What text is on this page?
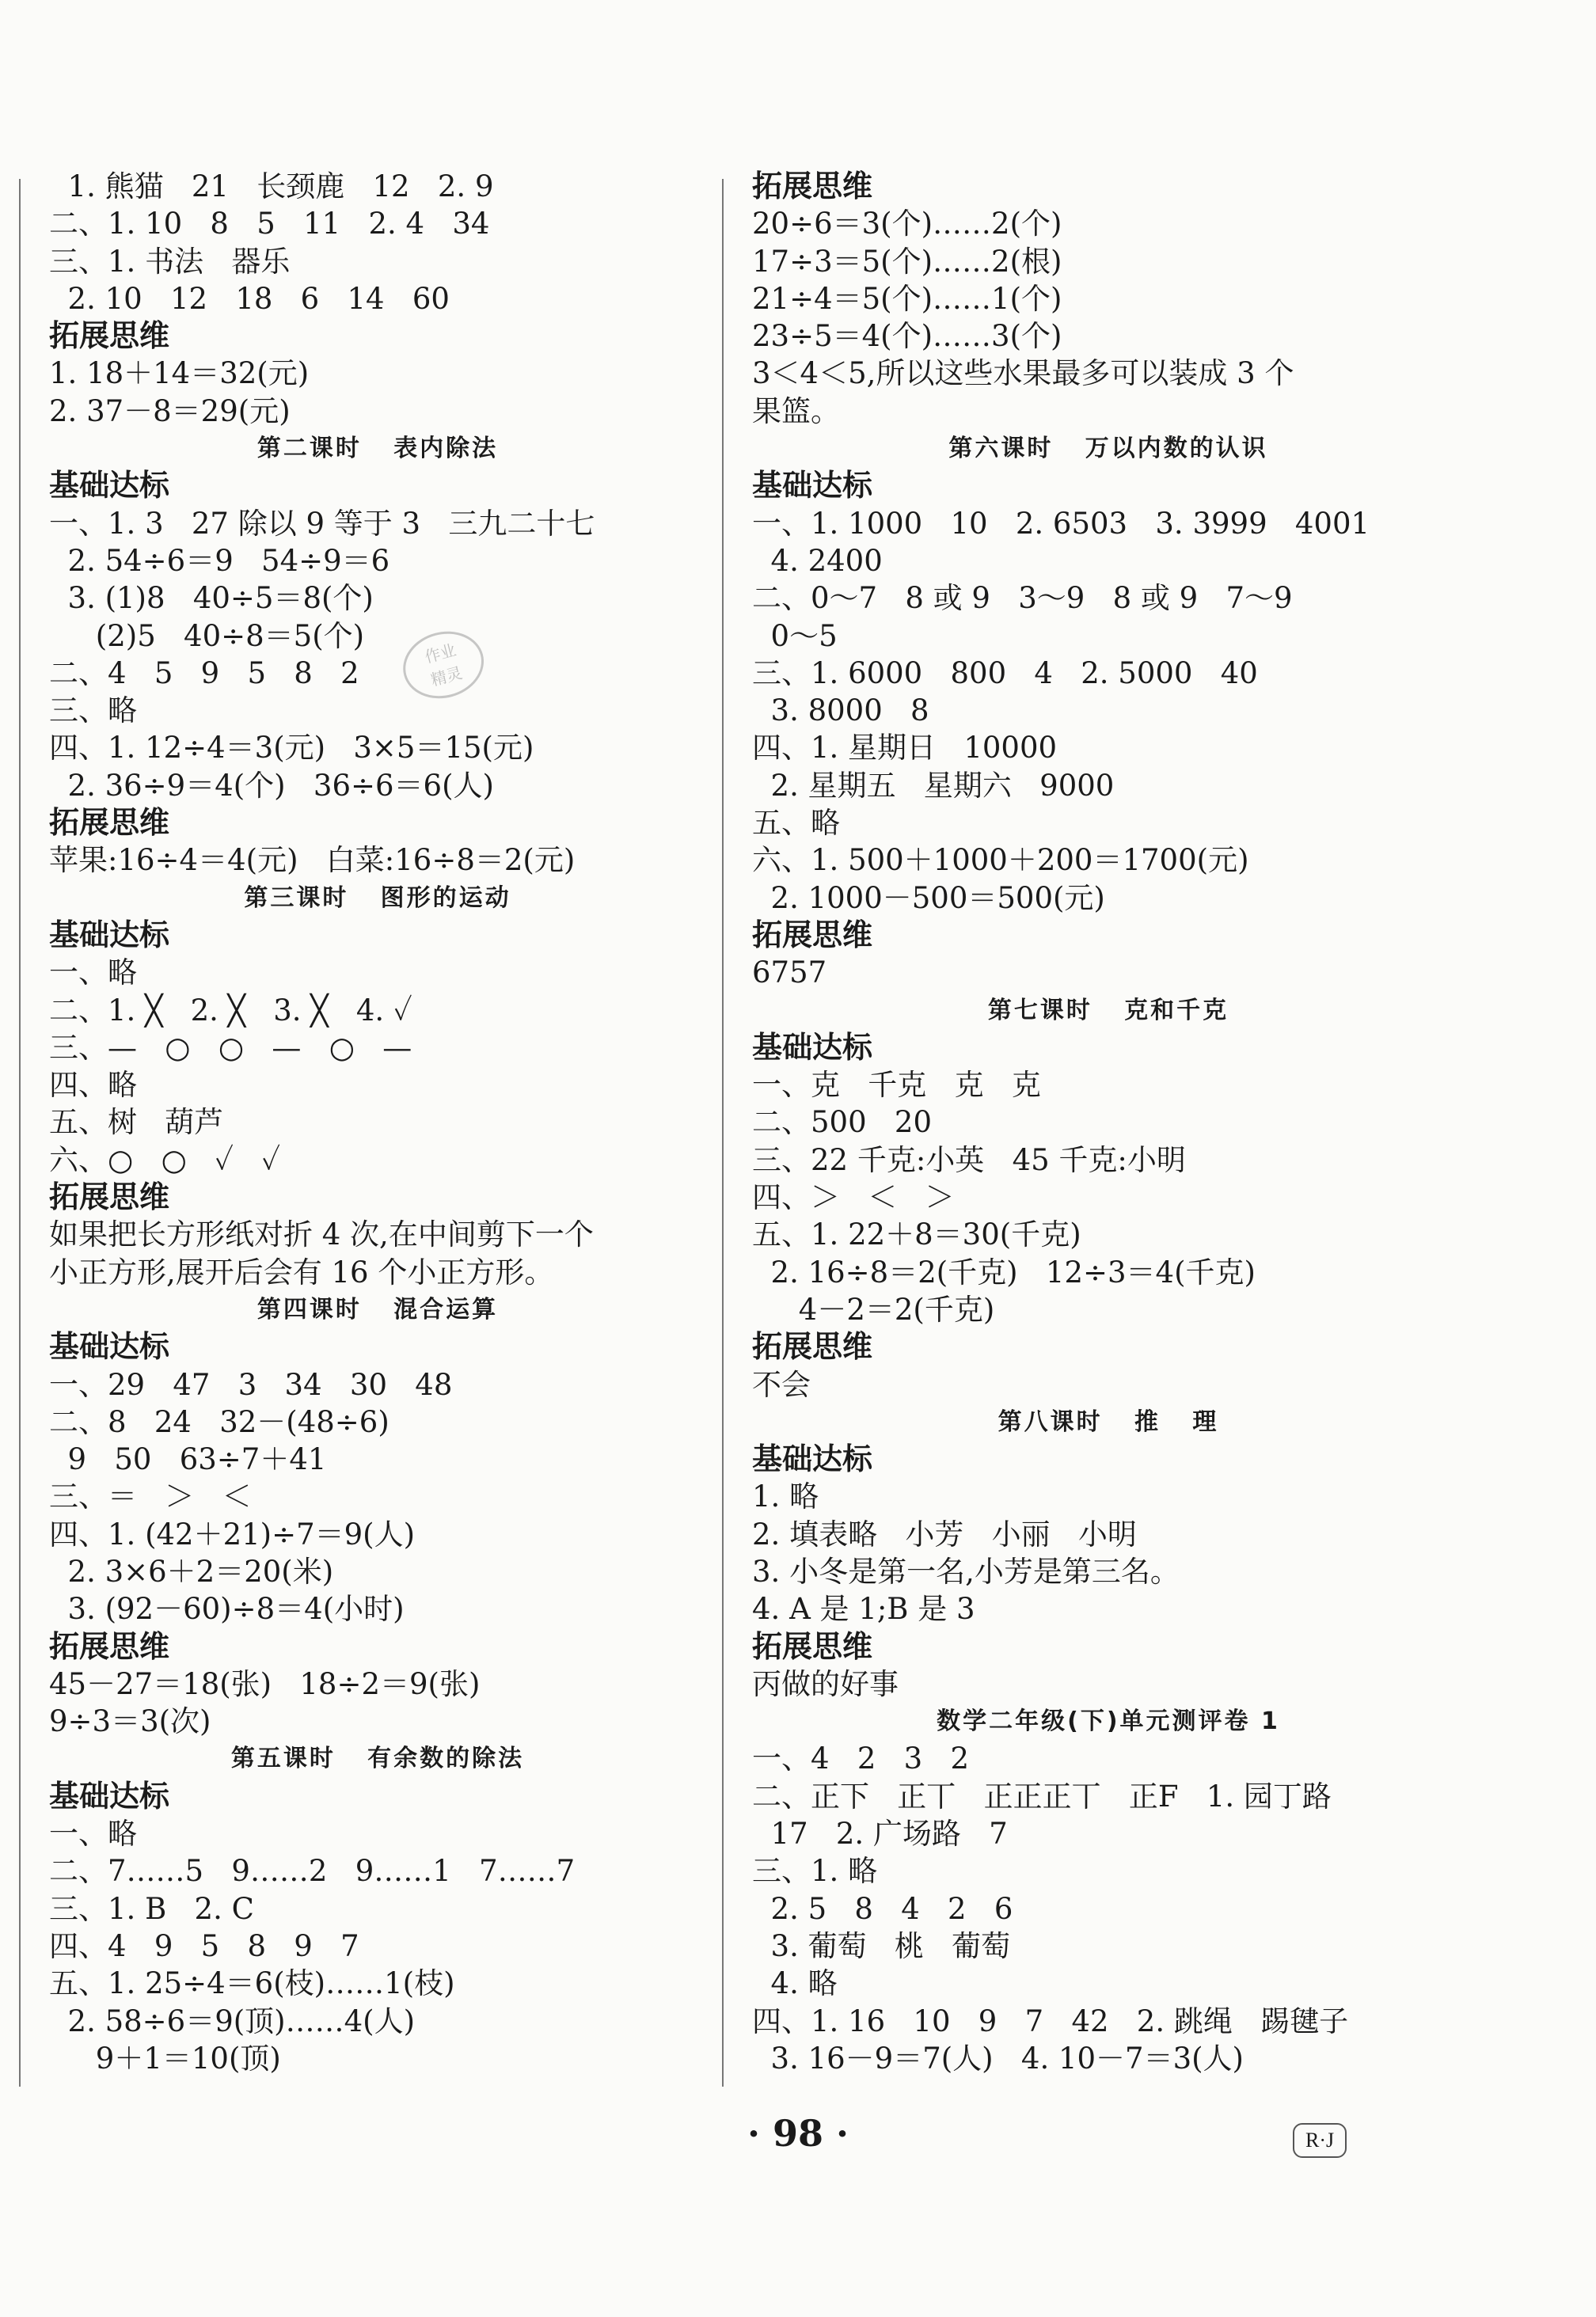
1. 熊猫   21   长颈鹿   12   2. 9
二、1. 10   8   5   11   2. 4   34
三、1. 书法   器乐
2. 10   12   18   6   14   60
拓展思维
1. 18＋14＝32(元)
2. 37－8＝29(元)
第二课时   表内除法
基础达标
一、1. 3   27 除以 9 等于 3   三九二十七
2. 54÷6＝9   54÷9＝6
3. (1)8   40÷5＝8(个)
(2)5   40÷8＝5(个)
二、4   5   9   5   8   2
三、略
四、1. 12÷4＝3(元)   3×5＝15(元)
2. 36÷9＝4(个)   36÷6＝6(人)
拓展思维
苹果:16÷4＝4(元)   白菜:16÷8＝2(元)
第三课时   图形的运动
基础达标
一、略
二、1. ╳   2. ╳   3. ╳   4. ✓
三、—   ○   ○   —   ○   —
四、略
五、树   葫芦
六、○   ○   ✓   ✓
拓展思维
如果把长方形纸对折 4 次,在中间剪下一个
小正方形,展开后会有 16 个小正方形。
第四课时   混合运算
基础达标
一、29   47   3   34   30   48
二、8   24   32－(48÷6)
9   50   63÷7＋41
三、＝   ＞   ＜
四、1. (42＋21)÷7＝9(人)
2. 3×6＋2＝20(米)
3. (92－60)÷8＝4(小时)
拓展思维
45－27＝18(张)   18÷2＝9(张)
9÷3＝3(次)
第五课时   有余数的除法
基础达标
一、略
二、7……5   9……2   9……1   7……7
三、1. B   2. C
四、4   9   5   8   9   7
五、1. 25÷4＝6(枝)……1(枝)
2. 58÷6＝9(顶)……4(人)
9＋1＝10(顶)
拓展思维
20÷6＝3(个)……2(个)
17÷3＝5(个)……2(根)
21÷4＝5(个)……1(个)
23÷5＝4(个)……3(个)
3＜4＜5,所以这些水果最多可以装成 3 个
果篮。
第六课时   万以内数的认识
基础达标
一、1. 1000   10   2. 6503   3. 3999   4001
4. 2400
二、0～7   8 或 9   3～9   8 或 9   7～9
0～5
三、1. 6000   800   4   2. 5000   40
3. 8000   8
四、1. 星期日   10000
2. 星期五   星期六   9000
五、略
六、1. 500＋1000＋200＝1700(元)
2. 1000－500＝500(元)
拓展思维
6757
第七课时   克和千克
基础达标
一、克   千克   克   克
二、500   20
三、22 千克:小英   45 千克:小明
四、＞   ＜   ＞
五、1. 22＋8＝30(千克)
2. 16÷8＝2(千克)   12÷3＝4(千克)
4－2＝2(千克)
拓展思维
不会
第八课时   推   理
基础达标
1. 略
2. 填表略   小芳   小丽   小明
3. 小冬是第一名,小芳是第三名。
4. A 是 1;B 是 3
拓展思维
丙做的好事
数学二年级(下)单元测评卷 1
一、4   2   3   2
二、正下   正丅   正正正丅   正F   1. 园丁路
17   2. 广场路   7
三、1. 略
2. 5   8   4   2   6
3. 葡萄   桃   葡萄
4. 略
四、1. 16   10   9   7   42   2. 跳绳   踢毽子
3. 16－9＝7(人)   4. 10－7＝3(人)
作业
精灵
· 98 ·	R·J
